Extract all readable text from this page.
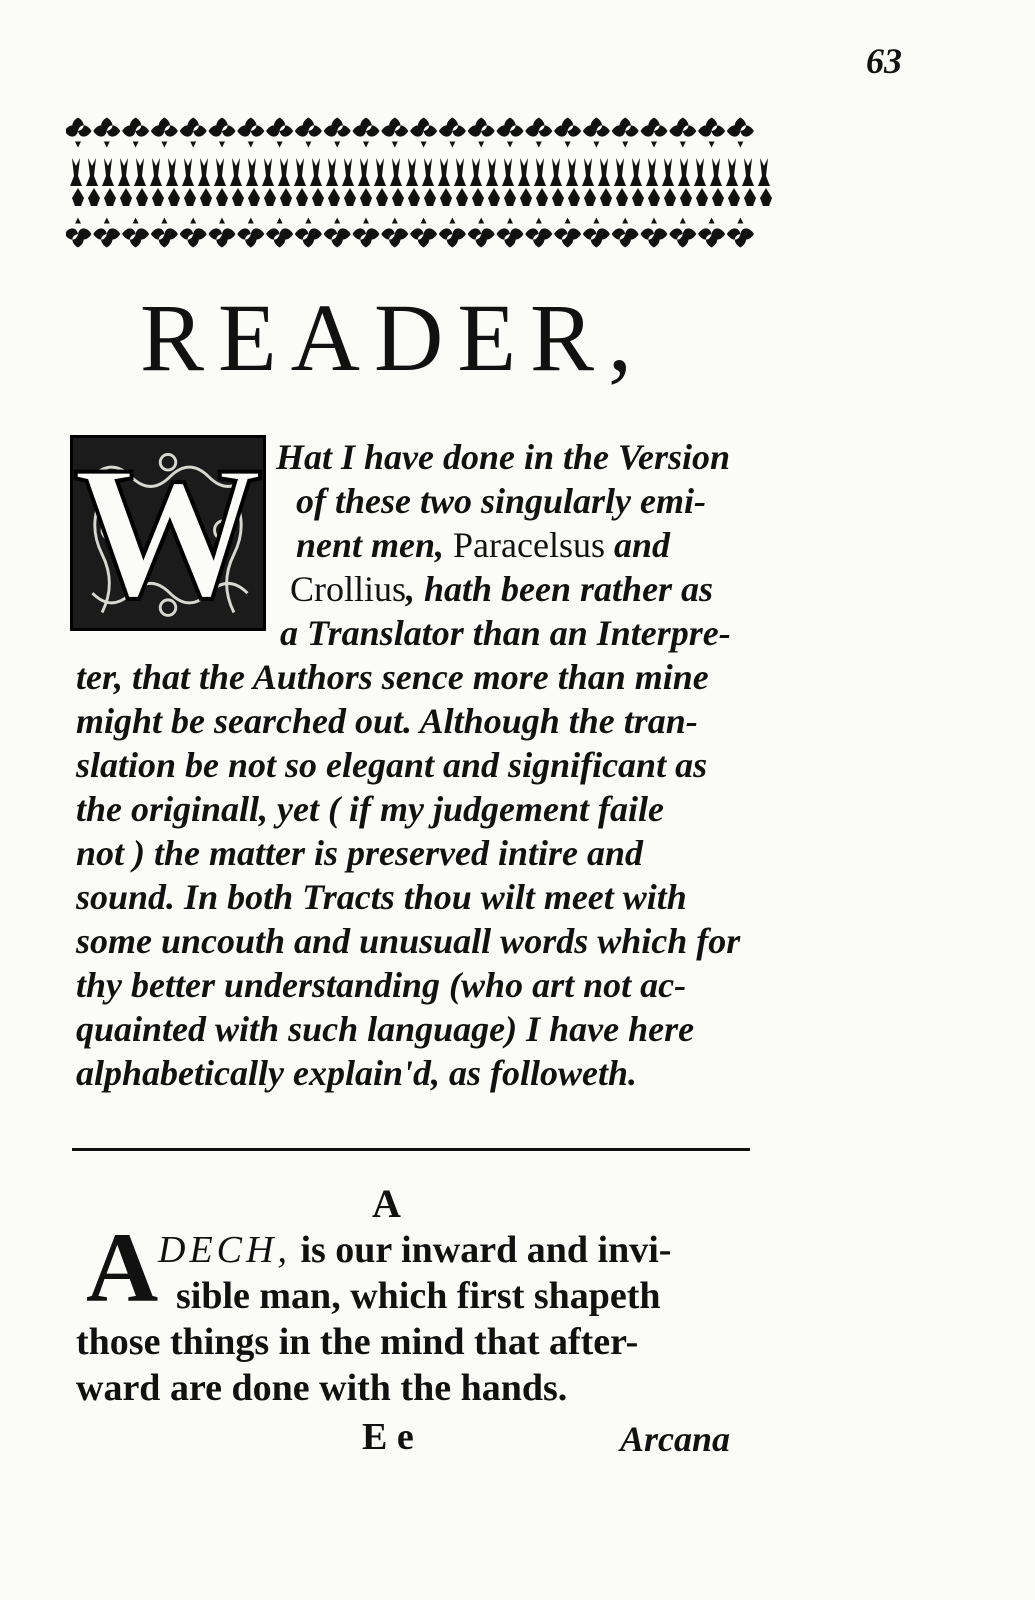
63
READER,
W Hat I have done in the Version
of these two singularly emi-
nent men, Paracelsus and
Crollius, hath been rather as
a Translator than an Interpre-
ter, that the Authors sence more than mine
might be searched out. Although the tran-
slation be not so elegant and significant as
the originall, yet ( if my judgement faile
not ) the matter is preserved intire and
sound. In both Tracts thou wilt meet with
some uncouth and unusuall words which for
thy better understanding (who art not ac-
quainted with such language) I have here
alphabetically explain'd, as followeth.
A
A DECH, is our inward and invi-
sible man, which first shapeth
those things in the mind that after-
ward are done with the hands.
E e	Arcana
